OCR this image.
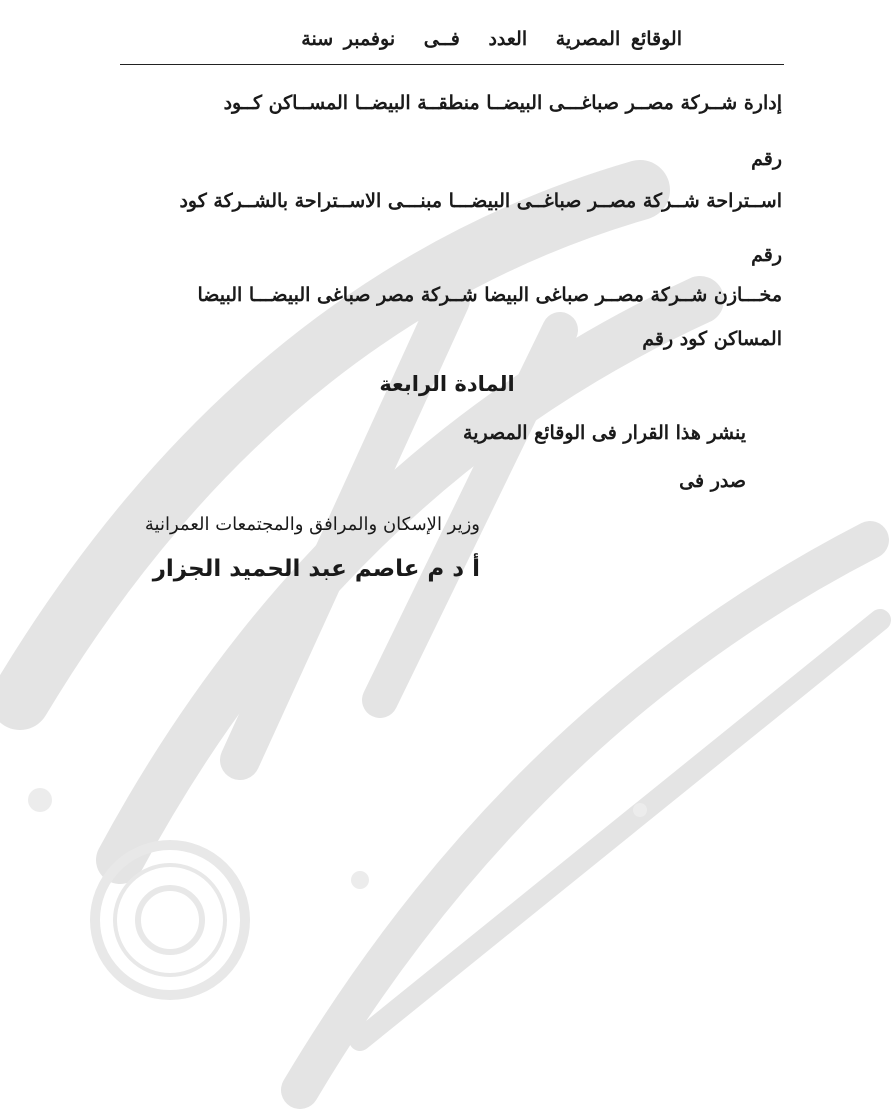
الوقائع المصرية العدد فــى نوفمبر سنة
إدارة شــركة مصــر صباغـــى البيضــا منطقــة البيضــا المســاكن كــود
رقم
اســتراحة شــركة مصــر صباغــى البيضـــا مبنـــى الاســتراحة بالشــركة كود
رقم
مخـــازن شــركة مصــر صباغى البيضا شــركة مصر صباغى البيضـــا البيضا
المساكن كود رقم
المادة الرابعة
ينشر هذا القرار فى الوقائع المصرية
صدر فى
وزير الإسكان والمرافق والمجتمعات العمرانية
أ د م عاصم عبد الحميد الجزار
